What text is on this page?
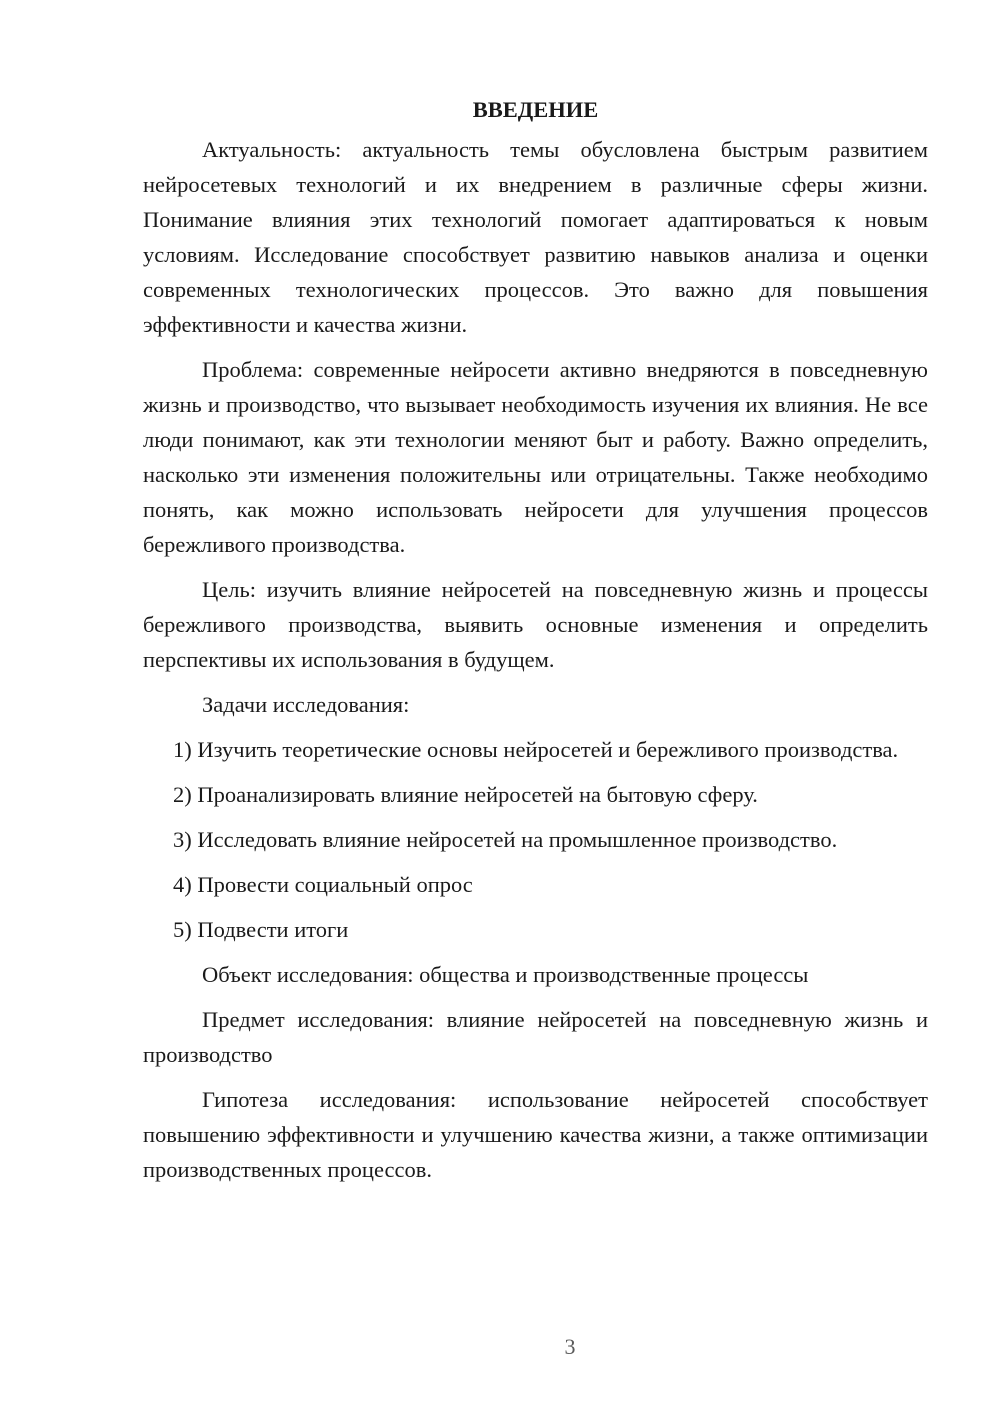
ВВЕДЕНИЕ

Актуальность: актуальность темы обусловлена быстрым развитием нейросетевых технологий и их внедрением в различные сферы жизни. Понимание влияния этих технологий помогает адаптироваться к новым условиям. Исследование способствует развитию навыков анализа и оценки современных технологических процессов. Это важно для повышения эффективности и качества жизни.

Проблема: современные нейросети активно внедряются в повседневную жизнь и производство, что вызывает необходимость изучения их влияния. Не все люди понимают, как эти технологии меняют быт и работу. Важно определить, насколько эти изменения положительны или отрицательны. Также необходимо понять, как можно использовать нейросети для улучшения процессов бережливого производства.

Цель: изучить влияние нейросетей на повседневную жизнь и процессы бережливого производства, выявить основные изменения и определить перспективы их использования в будущем.

Задачи исследования:

1) Изучить теоретические основы нейросетей и бережливого производства.

2) Проанализировать влияние нейросетей на бытовую сферу.

3) Исследовать влияние нейросетей на промышленное производство.

4) Провести социальный опрос

5) Подвести итоги

Объект исследования: общества и производственные процессы

Предмет исследования: влияние нейросетей на повседневную жизнь и производство

Гипотеза исследования: использование нейросетей способствует повышению эффективности и улучшению качества жизни, а также оптимизации производственных процессов.

3
